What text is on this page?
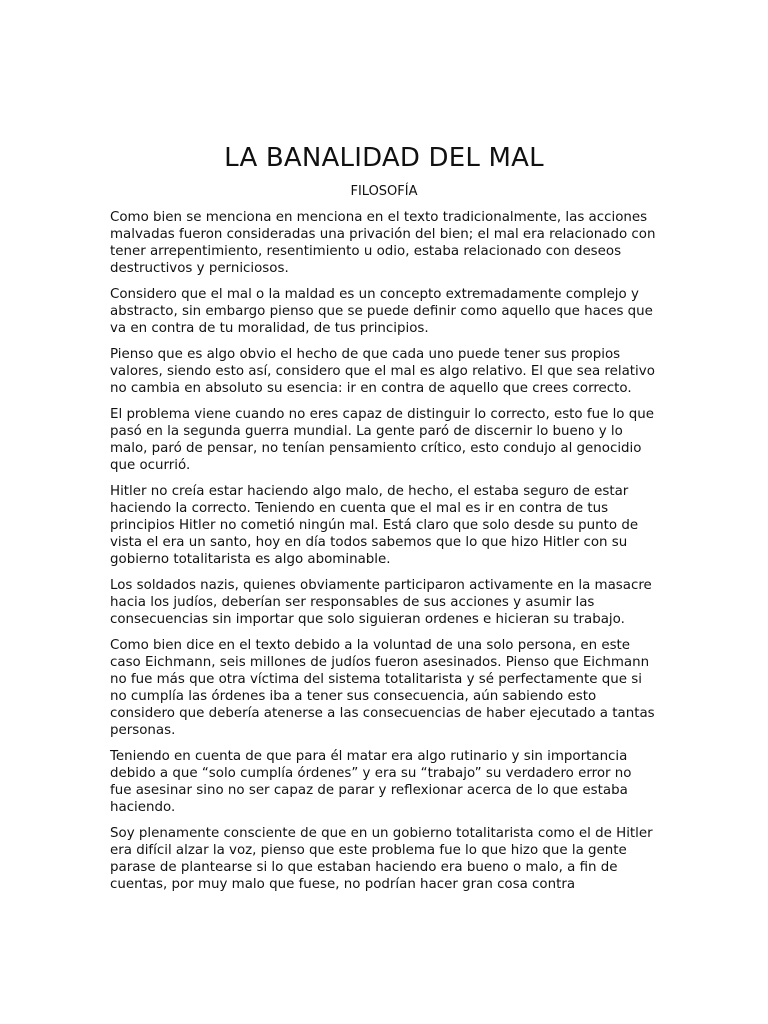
LA BANALIDAD DEL MAL
FILOSOFÍA

Como bien se menciona en menciona en el texto tradicionalmente, las acciones malvadas fueron consideradas una privación del bien; el mal era relacionado con tener arrepentimiento, resentimiento u odio, estaba relacionado con deseos destructivos y perniciosos.

Considero que el mal o la maldad es un concepto extremadamente complejo y abstracto, sin embargo pienso que se puede definir como aquello que haces que va en contra de tu moralidad, de tus principios.

Pienso que es algo obvio el hecho de que cada uno puede tener sus propios valores, siendo esto así, considero que el mal es algo relativo. El que sea relativo no cambia en absoluto su esencia: ir en contra de aquello que crees correcto.

El problema viene cuando no eres capaz de distinguir lo correcto, esto fue lo que pasó en la segunda guerra mundial. La gente paró de discernir lo bueno y lo malo, paró de pensar, no tenían pensamiento crítico, esto condujo al genocidio que ocurrió.

Hitler no creía estar haciendo algo malo, de hecho, el estaba seguro de estar haciendo la correcto. Teniendo en cuenta que el mal es ir en contra de tus principios Hitler no cometió ningún mal. Está claro que solo desde su punto de vista el era un santo, hoy en día todos sabemos que lo que hizo Hitler con su gobierno totalitarista es algo abominable.

Los soldados nazis, quienes obviamente participaron activamente en la masacre hacia los judíos, deberían ser responsables de sus acciones y asumir las consecuencias sin importar que solo siguieran ordenes e hicieran su trabajo.

Como bien dice en el texto debido a la voluntad de una solo persona, en este caso Eichmann, seis millones de judíos fueron asesinados. Pienso que Eichmann no fue más que otra víctima del sistema totalitarista y sé perfectamente que si no cumplía las órdenes iba a tener sus consecuencia, aún sabiendo esto considero que debería atenerse a las consecuencias de haber ejecutado a tantas personas.

Teniendo en cuenta de que para él matar era algo rutinario y sin importancia debido a que “solo cumplía órdenes” y era su “trabajo” su verdadero error no fue asesinar sino no ser capaz de parar y reflexionar acerca de lo que estaba haciendo.

Soy plenamente consciente de que en un gobierno totalitarista como el de Hitler era difícil alzar la voz, pienso que este problema fue lo que hizo que la gente parase de plantearse si lo que estaban haciendo era bueno o malo, a fin de cuentas, por muy malo que fuese, no podrían hacer gran cosa contra
